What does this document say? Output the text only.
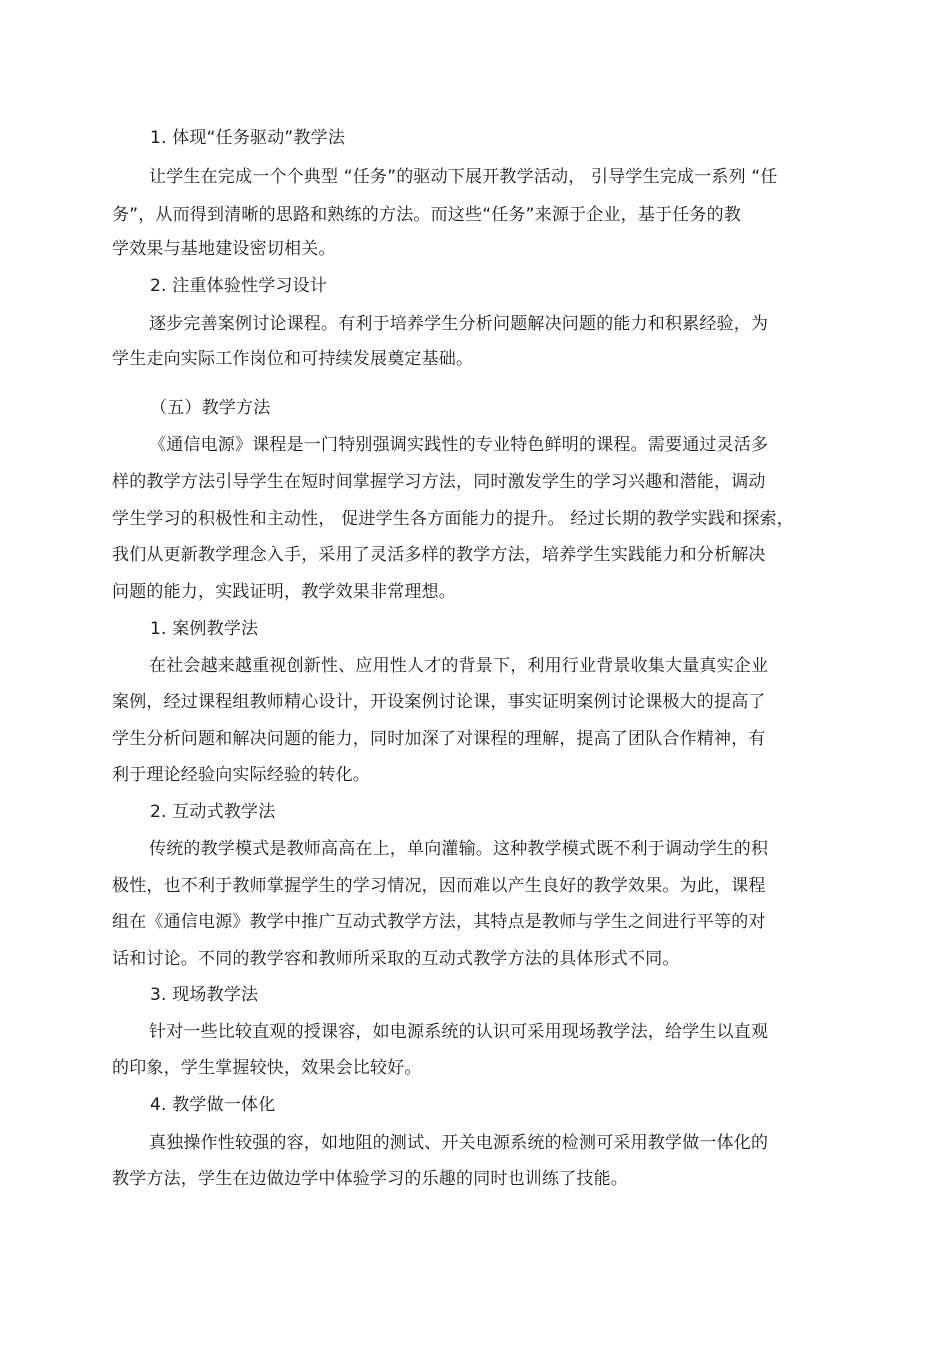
1. 体现“任务驱动”教学法
让学生在完成一个个典型 “任务”的驱动下展开教学活动， 引导学生完成一系列 “任
务”，从而得到清晰的思路和熟练的方法。而这些“任务”来源于企业，基于任务的教
学效果与基地建设密切相关。
2. 注重体验性学习设计
逐步完善案例讨论课程。有利于培养学生分析问题解决问题的能力和积累经验，为
学生走向实际工作岗位和可持续发展奠定基础。
（五）教学方法
《通信电源》课程是一门特别强调实践性的专业特色鲜明的课程。需要通过灵活多
样的教学方法引导学生在短时间掌握学习方法，同时激发学生的学习兴趣和潜能，调动
学生学习的积极性和主动性， 促进学生各方面能力的提升。 经过长期的教学实践和探索，
我们从更新教学理念入手，采用了灵活多样的教学方法，培养学生实践能力和分析解决
问题的能力，实践证明，教学效果非常理想。
1. 案例教学法
在社会越来越重视创新性、应用性人才的背景下，利用行业背景收集大量真实企业
案例，经过课程组教师精心设计，开设案例讨论课，事实证明案例讨论课极大的提高了
学生分析问题和解决问题的能力，同时加深了对课程的理解，提高了团队合作精神，有
利于理论经验向实际经验的转化。
2. 互动式教学法
传统的教学模式是教师高高在上，单向灌输。这种教学模式既不利于调动学生的积
极性，也不利于教师掌握学生的学习情况，因而难以产生良好的教学效果。为此，课程
组在《通信电源》教学中推广互动式教学方法，其特点是教师与学生之间进行平等的对
话和讨论。不同的教学容和教师所采取的互动式教学方法的具体形式不同。
3. 现场教学法
针对一些比较直观的授课容，如电源系统的认识可采用现场教学法，给学生以直观
的印象，学生掌握较快，效果会比较好。
4. 教学做一体化
真独操作性较强的容，如地阻的测试、开关电源系统的检测可采用教学做一体化的
教学方法，学生在边做边学中体验学习的乐趣的同时也训练了技能。
